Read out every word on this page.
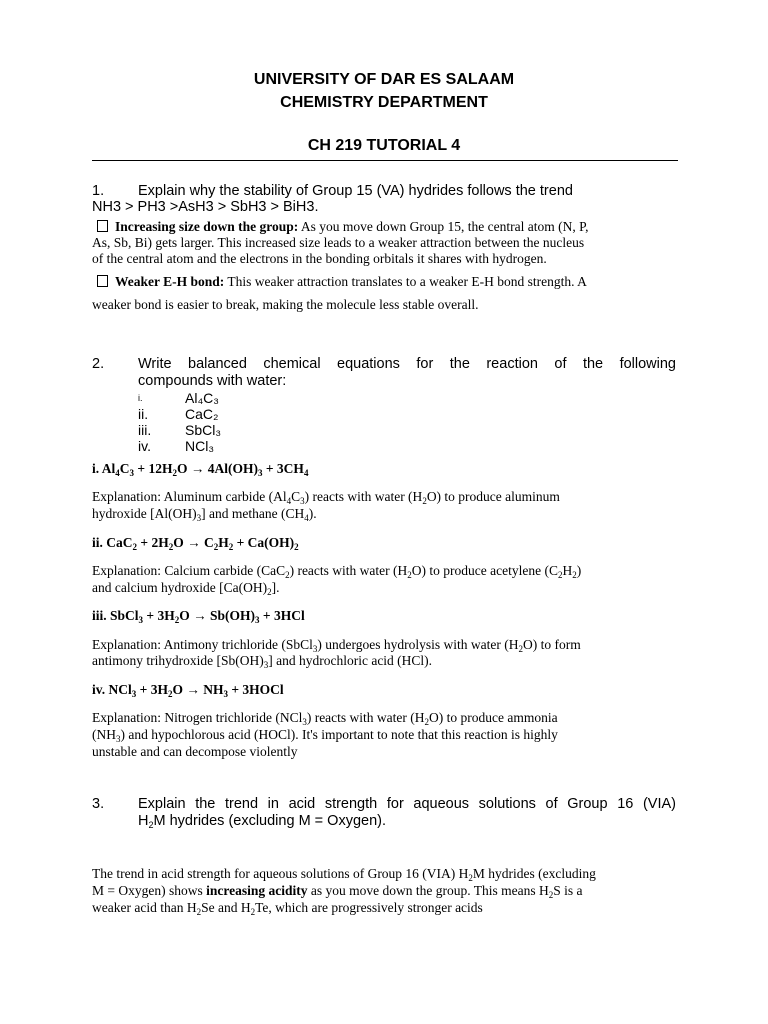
UNIVERSITY OF DAR ES SALAAM
CHEMISTRY DEPARTMENT
CH 219 TUTORIAL 4
1. Explain why the stability of Group 15 (VA) hydrides follows the trend
NH3 > PH3 >AsH3 > SbH3 > BiH3.
Increasing size down the group: As you move down Group 15, the central atom (N, P,
As, Sb, Bi) gets larger. This increased size leads to a weaker attraction between the nucleus
of the central atom and the electrons in the bonding orbitals it shares with hydrogen.
Weaker E-H bond: This weaker attraction translates to a weaker E-H bond strength. A
weaker bond is easier to break, making the molecule less stable overall.
2. Write balanced chemical equations for the reaction of the following
compounds with water:
i.	Al₄C₃
ii.	CaC₂
iii. SbCl₃
iv. NCl₃
i. $Al_4C_3 + 12H_2O \to 4Al(OH)_3 + 3CH_4$
Explanation: Aluminum carbide $(Al_4C_3)$ reacts with water $(H_2O)$ to produce aluminum
hydroxide $[Al(OH)_3]$ and methane $(CH_4)$.
ii. $CaC_2 + 2H_2O \to C_2H_2 + Ca(OH)_2$
Explanation: Calcium carbide (CaC$_2$) reacts with water $(H_2O)$ to produce acetylene $(C_2H_2)$
and calcium hydroxide $[Ca(OH)_2]$.
iii. SbCl$_3$ + $3H_2O \to Sb(OH)_3 + 3HCl$
Explanation: Antimony trichloride (SbCl$_3$) undergoes hydrolysis with water $(H_2O)$ to form
antimony trihydroxide $[Sb(OH)_3]$ and hydrochloric acid (HCl).
iv. $NCl_3 + 3H_2O \to NH_3$ + 3HOCl
Explanation: Nitrogen trichloride (NCl$_3$) reacts with water $(H_2O)$ to produce ammonia
$(NH_3)$ and hypochlorous acid (HOCl). It's important to note that this reaction is highly
unstable and can decompose violently
3. Explain the trend in acid strength for aqueous solutions of Group 16 (VIA)
$H_2M$ hydrides (excluding M = Oxygen).
The trend in acid strength for aqueous solutions of Group 16 (VIA) $H_2M$ hydrides (excluding
M = Oxygen) shows increasing acidity as you move down the group. This means $H_2S$ is a
weaker acid than $H_2Se$ and $H_2Te$, which are progressively stronger acids
